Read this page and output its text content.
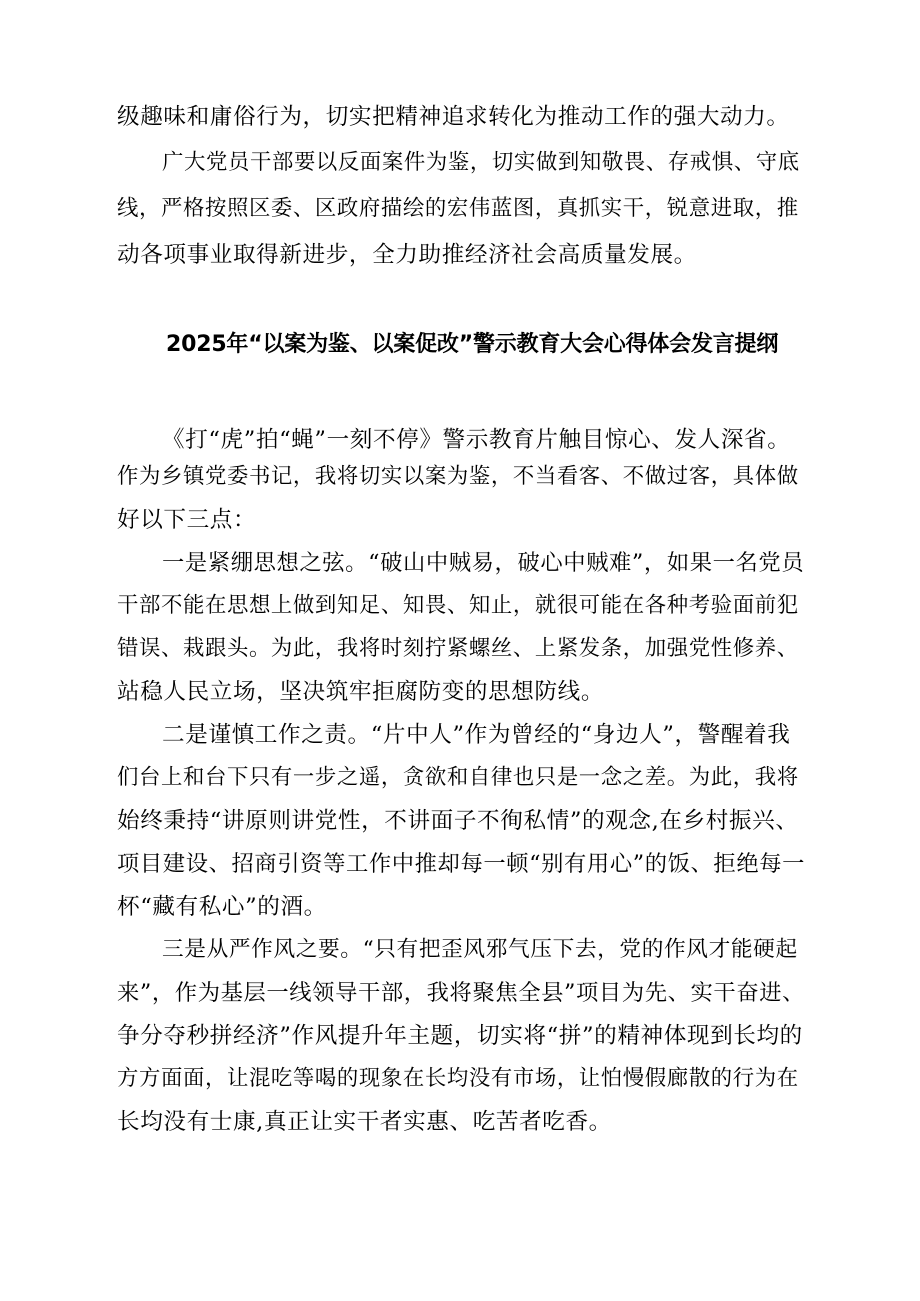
级趣味和庸俗行为，切实把精神追求转化为推动工作的强大动力。
广大党员干部要以反面案件为鉴，切实做到知敬畏、存戒惧、守底
线，严格按照区委、区政府描绘的宏伟蓝图，真抓实干，锐意进取，推
动各项事业取得新进步，全力助推经济社会高质量发展。
2025年“以案为鉴、以案促改”警示教育大会心得体会发言提纲
《打“虎”拍“蝇”一刻不停》警示教育片触目惊心、发人深省。
作为乡镇党委书记，我将切实以案为鉴，不当看客、不做过客，具体做
好以下三点：
一是紧绷思想之弦。“破山中贼易，破心中贼难”，如果一名党员
干部不能在思想上做到知足、知畏、知止，就很可能在各种考验面前犯
错误、栽跟头。为此，我将时刻拧紧螺丝、上紧发条，加强党性修养、
站稳人民立场，坚决筑牢拒腐防变的思想防线。
二是谨慎工作之责。“片中人”作为曾经的“身边人”，警醒着我
们台上和台下只有一步之遥，贪欲和自律也只是一念之差。为此，我将
始终秉持“讲原则讲党性，不讲面子不徇私情”的观念,在乡村振兴、
项目建设、招商引资等工作中推却每一顿“别有用心”的饭、拒绝每一
杯“藏有私心”的酒。
三是从严作风之要。“只有把歪风邪气压下去，党的作风才能硬起
来”，作为基层一线领导干部，我将聚焦全县”项目为先、实干奋进、
争分夺秒拼经济”作风提升年主题，切实将“拼”的精神体现到长均的
方方面面，让混吃等喝的现象在长均没有市场，让怕慢假廊散的行为在
长均没有士康,真正让实干者实惠、吃苦者吃香。
